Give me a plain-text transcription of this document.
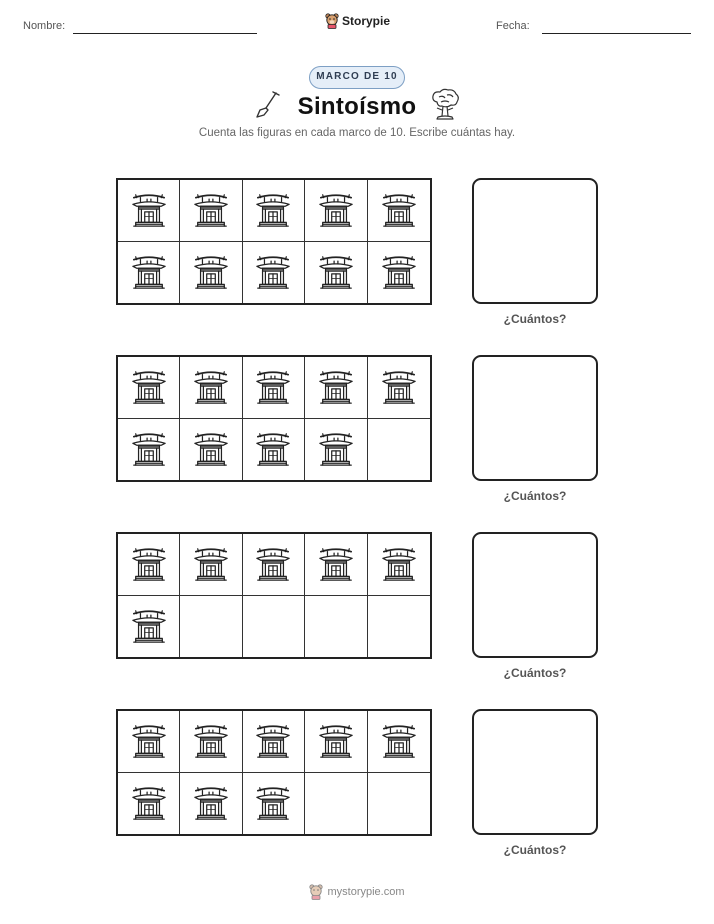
Nombre:	Storypie	Fecha:
MARCO DE 10
Sintoísmo
Cuenta las figuras en cada marco de 10. Escribe cuántas hay.
¿Cuántos?
¿Cuántos?
¿Cuántos?
¿Cuántos?
mystorypie.com
